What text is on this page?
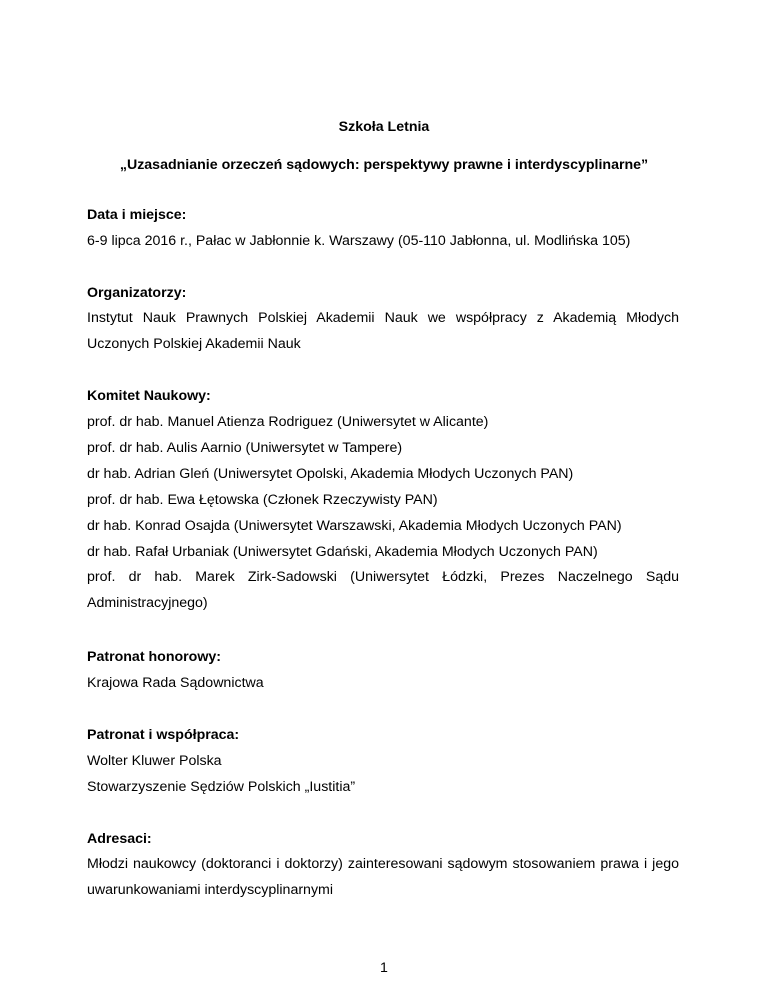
Szkoła Letnia
„Uzasadnianie orzeczeń sądowych: perspektywy prawne i interdyscyplinarne”
Data i miejsce:
6-9 lipca 2016 r., Pałac w Jabłonnie k. Warszawy (05-110 Jabłonna, ul. Modlińska 105)
Organizatorzy:
Instytut Nauk Prawnych Polskiej Akademii Nauk we współpracy z Akademią Młodych Uczonych Polskiej Akademii Nauk
Komitet Naukowy:
prof. dr hab. Manuel Atienza Rodriguez (Uniwersytet w Alicante)
prof. dr hab. Aulis Aarnio (Uniwersytet w Tampere)
dr hab. Adrian Gleń (Uniwersytet Opolski, Akademia Młodych Uczonych PAN)
prof. dr hab. Ewa Łętowska (Członek Rzeczywisty PAN)
dr hab. Konrad Osajda (Uniwersytet Warszawski, Akademia Młodych Uczonych PAN)
dr hab. Rafał Urbaniak (Uniwersytet Gdański, Akademia Młodych Uczonych PAN)
prof. dr hab. Marek Zirk-Sadowski (Uniwersytet Łódzki, Prezes Naczelnego Sądu Administracyjnego)
Patronat honorowy:
Krajowa Rada Sądownictwa
Patronat i współpraca:
Wolter Kluwer Polska
Stowarzyszenie Sędziów Polskich „Iustitia”
Adresaci:
Młodzi naukowcy (doktoranci i doktorzy) zainteresowani sądowym stosowaniem prawa i jego uwarunkowaniami interdyscyplinarnymi
1
